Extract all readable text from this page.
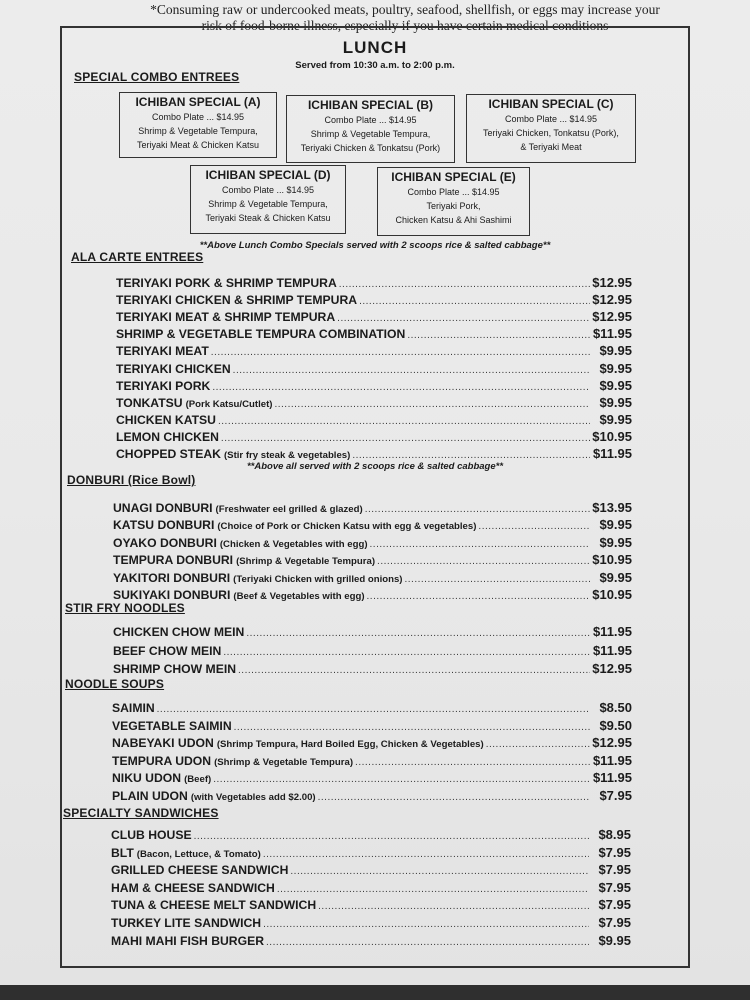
*Consuming raw or undercooked meats, poultry, seafood, shellfish, or eggs may increase your risk of food-borne illness, especially if you have certain medical conditions
LUNCH
Served from 10:30 a.m. to 2:00 p.m.
SPECIAL COMBO ENTREES
ICHIBAN SPECIAL (A)
Combo Plate ... $14.95
Shrimp & Vegetable Tempura,
Teriyaki Meat & Chicken Katsu
ICHIBAN SPECIAL (B)
Combo Plate ... $14.95
Shrimp & Vegetable Tempura,
Teriyaki Chicken & Tonkatsu (Pork)
ICHIBAN SPECIAL (C)
Combo Plate ... $14.95
Teriyaki Chicken, Tonkatsu (Pork),
& Teriyaki Meat
ICHIBAN SPECIAL (D)
Combo Plate ... $14.95
Shrimp & Vegetable Tempura,
Teriyaki Steak & Chicken Katsu
ICHIBAN SPECIAL (E)
Combo Plate ... $14.95
Teriyaki Pork,
Chicken Katsu & Ahi Sashimi
**Above Lunch Combo Specials served with 2 scoops rice & salted cabbage**
ALA CARTE ENTREES
TERIYAKI PORK & SHRIMP TEMPURA .....	$12.95
TERIYAKI CHICKEN & SHRIMP TEMPURA .....	$12.95
TERIYAKI MEAT & SHRIMP TEMPURA .....	$12.95
SHRIMP & VEGETABLE TEMPURA COMBINATION .....	$11.95
TERIYAKI MEAT .....	$9.95
TERIYAKI CHICKEN .....	$9.95
TERIYAKI PORK .....	$9.95
TONKATSU (Pork Katsu/Cutlet) .....	$9.95
CHICKEN KATSU .....	$9.95
LEMON CHICKEN .....	$10.95
CHOPPED STEAK (Stir fry steak & vegetables) .....	$11.95
**Above all served with 2 scoops rice & salted cabbage**
DONBURI (Rice Bowl)
UNAGI DONBURI (Freshwater eel grilled & glazed) .....	$13.95
KATSU DONBURI (Choice of Pork or Chicken Katsu with egg & vegetables) .....	$9.95
OYAKO DONBURI (Chicken & Vegetables with egg) .....	$9.95
TEMPURA DONBURI (Shrimp & Vegetable Tempura) .....	$10.95
YAKITORI DONBURI (Teriyaki Chicken with grilled onions) .....	$9.95
SUKIYAKI DONBURI (Beef & Vegetables with egg) .....	$10.95
STIR FRY NOODLES
CHICKEN CHOW MEIN .....	$11.95
BEEF CHOW MEIN .....	$11.95
SHRIMP CHOW MEIN .....	$12.95
NOODLE SOUPS
SAIMIN .....	$8.50
VEGETABLE SAIMIN .....	$9.50
NABEYAKI UDON (Shrimp Tempura, Hard Boiled Egg, Chicken & Vegetables) .....	$12.95
TEMPURA UDON (Shrimp & Vegetable Tempura) .....	$11.95
NIKU UDON (Beef) .....	$11.95
PLAIN UDON (with Vegetables add $2.00) .....	$7.95
SPECIALTY SANDWICHES
CLUB HOUSE .....	$8.95
BLT (Bacon, Lettuce, & Tomato) .....	$7.95
GRILLED CHEESE SANDWICH .....	$7.95
HAM & CHEESE SANDWICH .....	$7.95
TUNA & CHEESE MELT SANDWICH .....	$7.95
TURKEY LITE SANDWICH .....	$7.95
MAHI MAHI FISH BURGER .....	$9.95
